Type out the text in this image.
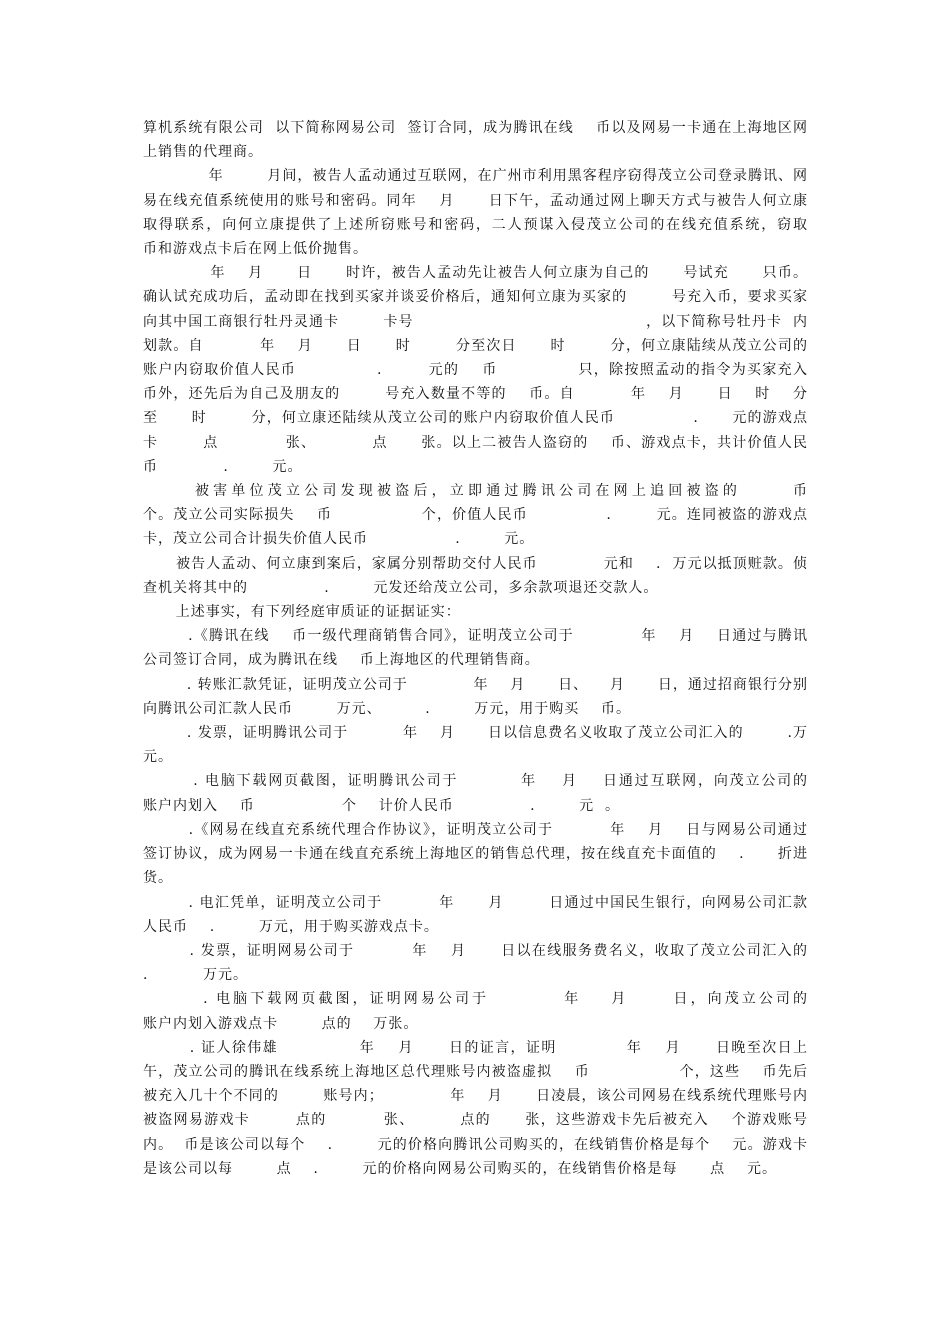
算机系统有限公司  以下简称网易公司  签订合同，成为腾讯在线    币以及网易一卡通在上海地区网上销售的代理商。

年        月间，被告人孟动通过互联网，在广州市利用黑客程序窃得茂立公司登录腾讯、网易在线充值系统使用的账号和密码。同年    月      日下午，孟动通过网上聊天方式与被告人何立康取得联系，向何立康提供了上述所窃账号和密码，二人预谋入侵茂立公司的在线充值系统，窃取    币和游戏点卡后在网上低价抛售。

年    月      日      时许，被告人孟动先让被告人何立康为自己的      号试充      只币。确认试充成功后，孟动即在找到买家并谈妥价格后，通知何立康为买家的        号充入币，要求买家向其中国工商银行牡丹灵通卡        卡号                                          ，以下简称号牡丹卡  内划款。自          年    月      日      时        分至次日      时        分，何立康陆续从茂立公司的账户内窃取价值人民币              .        元的    币              只，除按照孟动的指令为买家充入    币外，还先后为自己及朋友的        号充入数量不等的    币。自          年    月      日    时    分至      时        分，何立康还陆续从茂立公司的账户内窃取价值人民币              .      元的游戏点卡        点            张、          点      张。以上二被告人盗窃的    币、游戏点卡，共计价值人民币            .        元。

被害单位茂立公司发现被盗后，立即通过腾讯公司在网上追回被盗的      币                    个。茂立公司实际损失    币                个，价值人民币              .        元。连同被盗的游戏点卡，茂立公司合计损失价值人民币                .        元。

被告人孟动、何立康到案后，家属分别帮助交付人民币            元和    .  万元以抵顶赃款。侦查机关将其中的              .        元发还给茂立公司，多余款项退还交款人。

上述事实，有下列经庭审质证的证据证实：

.《腾讯在线    币一级代理商销售合同》，证明茂立公司于            年    月    日通过与腾讯公司签订合同，成为腾讯在线    币上海地区的代理销售商。

. 转账汇款凭证，证明茂立公司于            年    月      日、    月      日，通过招商银行分别向腾讯公司汇款人民币        万元、        .        万元，用于购买    币。

. 发票，证明腾讯公司于          年    月      日以信息费名义收取了茂立公司汇入的        .万元。

. 电脑下载网页截图，证明腾讯公司于          年    月    日通过互联网，向茂立公司的          账户内划入    币                个    计价人民币              .        元  。

.《网易在线直充系统代理合作协议》，证明茂立公司于          年    月    日与网易公司通过签订协议，成为网易一卡通在线直充系统上海地区的销售总代理，按在线直充卡面值的    .      折进货。

. 电汇凭单，证明茂立公司于          年      月        日通过中国民生银行，向网易公司汇款人民币    .        万元，用于购买游戏点卡。

. 发票，证明网易公司于          年    月      日以在线服务费名义，收取了茂立公司汇入的      .          万元。

. 电脑下载网页截图，证明网易公司于          年    月      日，向茂立公司的                    账户内划入游戏点卡        点的    万张。

. 证人徐伟雄              年    月      日的证言，证明            年    月      日晚至次日上午，茂立公司的腾讯在线系统上海地区总代理账号内被盗虚拟    币                个，这些    币先后被充入几十个不同的        账号内；            年    月      日凌晨，该公司网易在线系统代理账号内被盗网易游戏卡        点的          张、        点的      张，这些游戏卡先后被充入    个游戏账号内。  币是该公司以每个    .        元的价格向腾讯公司购买的，在线销售价格是每个    元。游戏卡是该公司以每        点    .        元的价格向网易公司购买的，在线销售价格是每      点    元。
